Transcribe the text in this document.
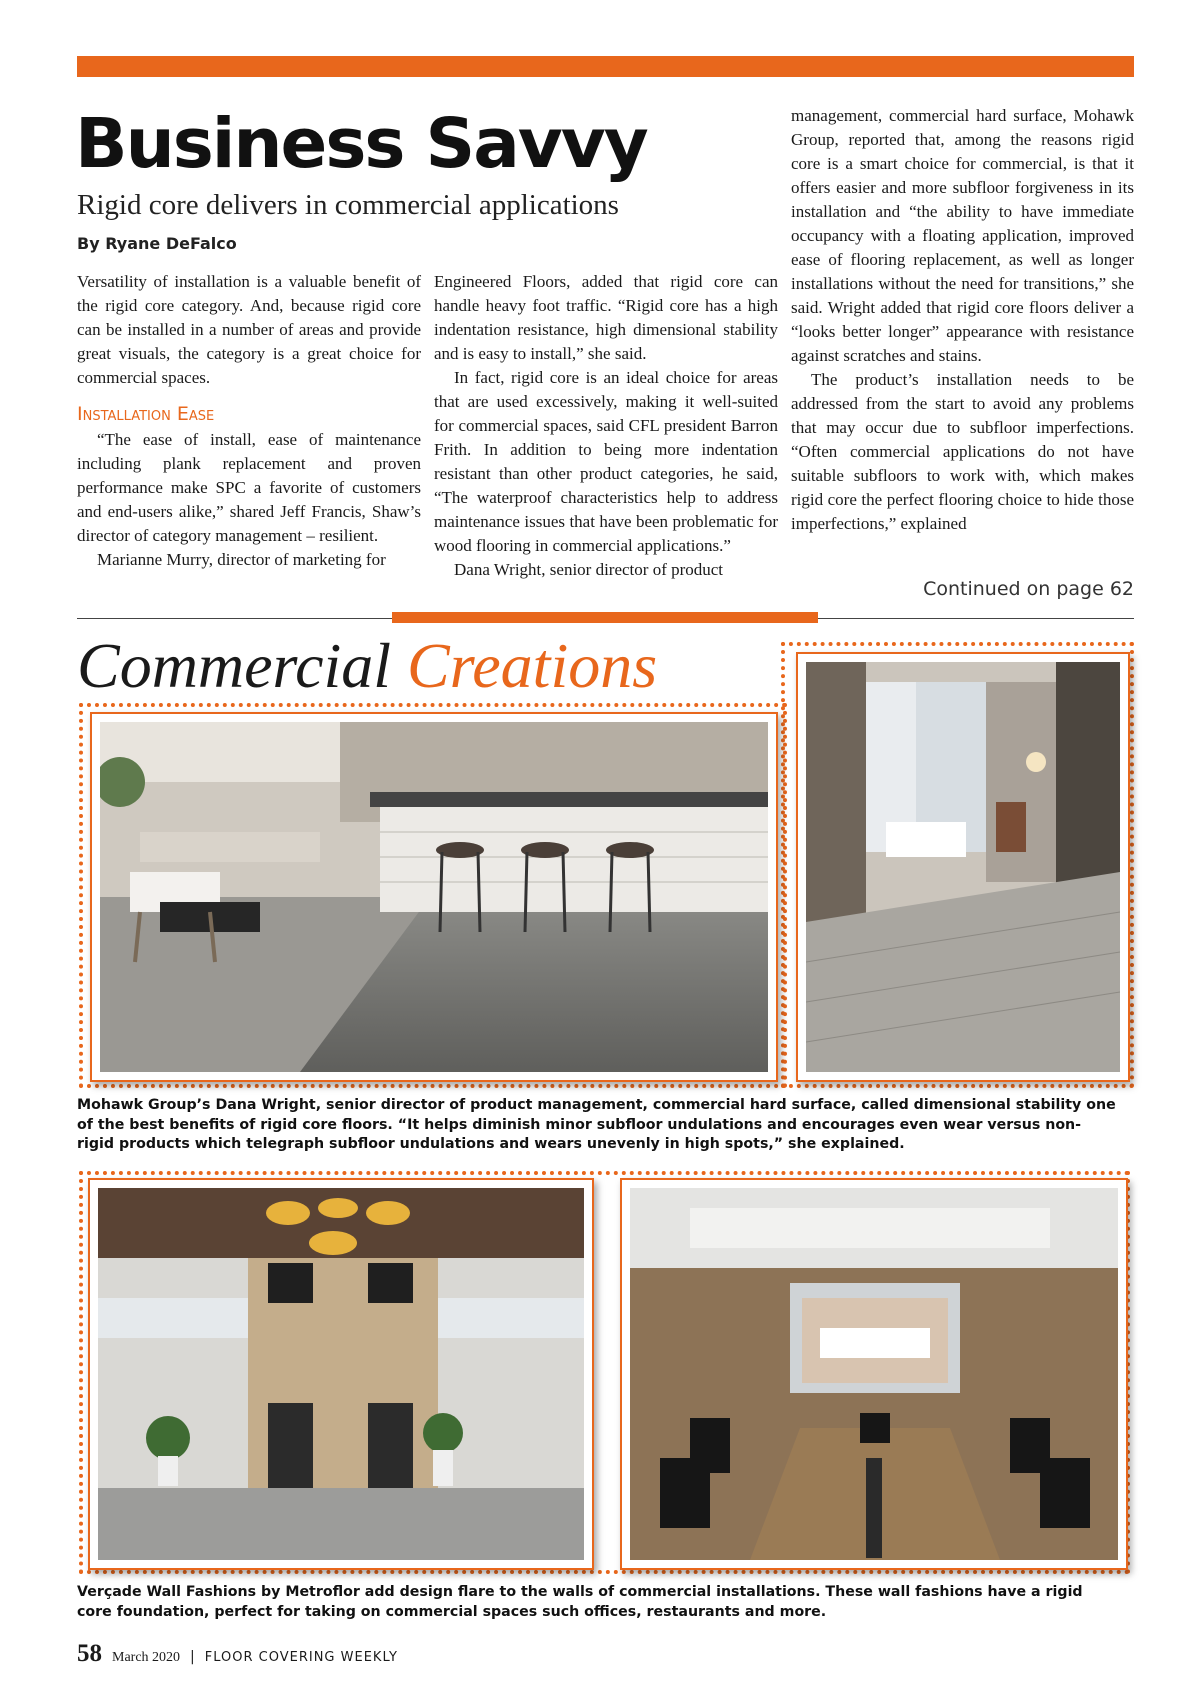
Business Savvy
Rigid core delivers in commercial applications
By Ryane DeFalco

Versatility of installation is a valuable benefit of the rigid core category. And, because rigid core can be installed in a number of areas and provide great visuals, the category is a great choice for commercial spaces.

Installation Ease

“The ease of install, ease of maintenance including plank replacement and proven performance make SPC a favorite of customers and end-users alike,” shared Jeff Francis, Shaw’s director of category management – resilient.

Marianne Murry, director of marketing for

Engineered Floors, added that rigid core can handle heavy foot traffic. “Rigid core has a high indentation resistance, high dimensional stability and is easy to install,” she said.

In fact, rigid core is an ideal choice for areas that are used excessively, making it well-suited for commercial spaces, said CFL president Barron Frith. In addition to being more indentation resistant than other product categories, he said, “The waterproof characteristics help to address maintenance issues that have been problematic for wood flooring in commercial applications.”

Dana Wright, senior director of product

management, commercial hard surface, Mohawk Group, reported that, among the reasons rigid core is a smart choice for commercial, is that it offers easier and more subfloor forgiveness in its installation and “the ability to have immediate occupancy with a floating application, improved ease of flooring replacement, as well as longer installations without the need for transitions,” she said. Wright added that rigid core floors deliver a “looks better longer” appearance with resistance against scratches and stains.

The product’s installation needs to be addressed from the start to avoid any problems that may occur due to subfloor imperfections. “Often commercial applications do not have suitable subfloors to work with, which makes rigid core the perfect flooring choice to hide those imperfections,” explained

Continued on page 62
Commercial Creations
Mohawk Group’s Dana Wright, senior director of product management, commercial hard surface, called dimensional stability one of the best benefits of rigid core floors. “It helps diminish minor subfloor undulations and encourages even wear versus non-rigid products which telegraph subfloor undulations and wears unevenly in high spots,” she explained.
Verçade Wall Fashions by Metroflor add design flare to the walls of commercial installations. These wall fashions have a rigid core foundation, perfect for taking on commercial spaces such offices, restaurants and more.
58 March 2020 | FLOOR COVERING WEEKLY
